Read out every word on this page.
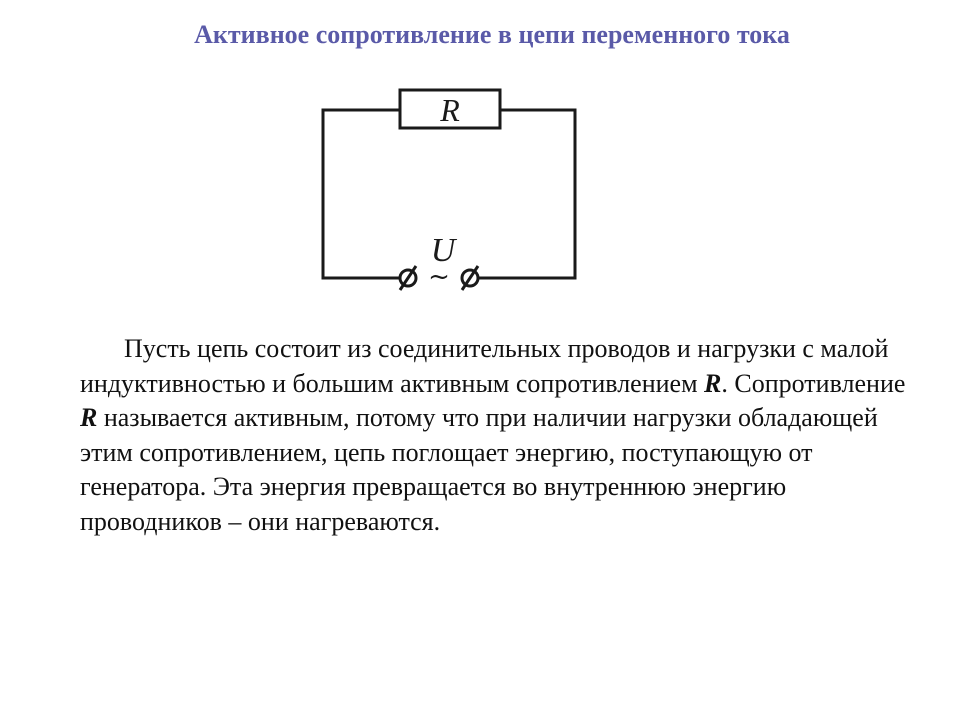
Активное сопротивление в цепи переменного тока
R
~
U

Пусть цепь состоит из соединительных проводов и нагрузки с малой индуктивностью и большим активным сопротивлением R. Сопротивление R называется активным, потому что при наличии нагрузки обладающей этим сопротивлением, цепь поглощает энергию, поступающую от генератора. Эта энергия превращается во внутреннюю энергию проводников – они нагреваются.
